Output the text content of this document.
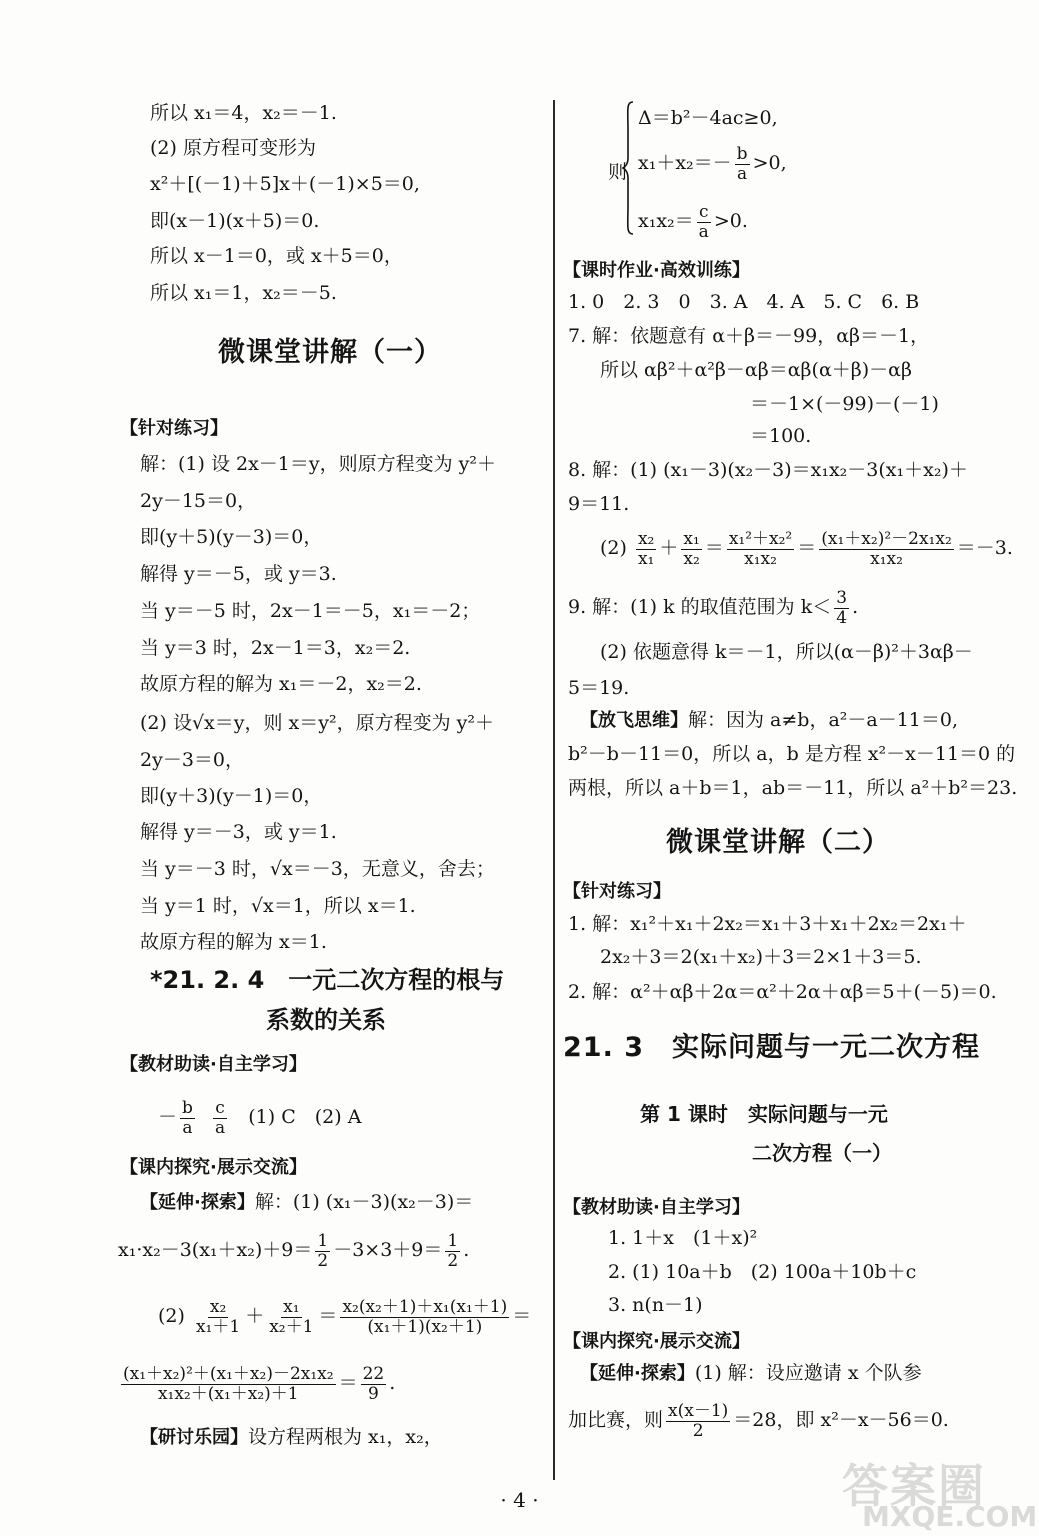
所以 x₁＝4，x₂＝－1.
(2) 原方程可变形为
x²＋[(－1)＋5]x＋(－1)×5＝0,
即(x－1)(x＋5)＝0.
所以 x－1＝0，或 x＋5＝0，
所以 x₁＝1，x₂＝－5.
微课堂讲解（一）
【针对练习】
解：(1) 设 2x－1＝y，则原方程变为 y²＋
2y－15＝0，
即(y＋5)(y－3)＝0，
解得 y＝－5，或 y＝3.
当 y＝－5 时，2x－1＝－5，x₁＝－2；
当 y＝3 时，2x－1＝3，x₂＝2.
故原方程的解为 x₁＝－2，x₂＝2.
(2) 设√x＝y，则 x＝y²，原方程变为 y²＋
2y－3＝0，
即(y＋3)(y－1)＝0，
解得 y＝－3，或 y＝1.
当 y＝－3 时，√x＝－3，无意义，舍去；
当 y＝1 时，√x＝1，所以 x＝1.
故原方程的解为 x＝1.
*21. 2. 4　一元二次方程的根与
系数的关系
【教材助读·自主学习】
－ $\frac{b}{a}$
$\frac{c}{a} (1)$ C　(2) A
【课内探究·展示交流】
【延伸·探索】解：(1) (x₁－3)(x₂－3)＝
$x_1\cdot x_2-3(x_1+x_2)+9= \frac{1}{2} -3\times 3+9= \frac{1}{2}$ .
$(2) \frac{\text{x₂}}{\text{x₁＋1}} + \frac{\text{x₁}}{\text{x₂＋1}} = \frac{\text{x₂(x₂＋1)＋x₁(x₁＋1)}}{\text{(x₁＋1)(x₂＋1)}}$ ＝
$\frac{\text{(x₁＋x₂)²＋(x₁＋x₂)－2x₁x₂}}{\text{x₁x₂＋(x₁＋x₂)＋1}} = \frac{22}{9}$ .
【研讨乐园】设方程两根为 x₁，x₂，
则
Δ＝b²－4ac≥0,
$x_1+x_2=- \frac{b}{a} >0$,
$x_1x_2= \frac{c}{a} >0$.
【课时作业·高效训练】
1. 0　2. 3　0　3. A　4. A　5. C　6. B
7. 解：依题意有 α＋β＝－99，αβ＝－1，
所以 αβ²＋α²β－αβ＝αβ(α＋β)－αβ
＝－1×(－99)－(－1)
＝100.
8. 解：(1) (x₁－3)(x₂－3)＝x₁x₂－3(x₁＋x₂)＋
9＝11.
$(2) \frac{\text{x₂}}{\text{x₁}} + \frac{\text{x₁}}{\text{x₂}} = \frac{\text{x₁²＋x₂²}}{\text{x₁x₂}} = \frac{\text{(x₁＋x₂)²－2x₁x₂}}{\text{x₁x₂}} =-3$.
9. 解：(1) k 的取值范围为 $k< \frac{3}{4}$ .
(2) 依题意得 k＝－1，所以(α－β)²＋3αβ－
5＝19.
【放飞思维】解：因为 a≠b，a²－a－11＝0,
b²－b－11＝0，所以 a，b 是方程 x²－x－11＝0 的
两根，所以 a＋b＝1，ab＝－11，所以 a²＋b²＝23.
微课堂讲解（二）
【针对练习】
1. 解：x₁²＋x₁＋2x₂＝x₁＋3＋x₁＋2x₂＝2x₁＋
2x₂＋3＝2(x₁＋x₂)＋3＝2×1＋3＝5.
2. 解：α²＋αβ＋2α＝α²＋2α＋αβ＝5＋(－5)＝0.
21. 3　实际问题与一元二次方程
第 1 课时　实际问题与一元
二次方程（一）
【教材助读·自主学习】
1. 1＋x　(1＋x)²
2. (1) 10a＋b　(2) 100a＋10b＋c
3. n(n－1)
【课内探究·展示交流】
【延伸·探索】(1) 解：设应邀请 x 个队参
加比赛，则 $\frac{x(x-1)}{2} =28$，即 x²－x－56＝0.
· 4 ·	答案圈
MXQE.COM
